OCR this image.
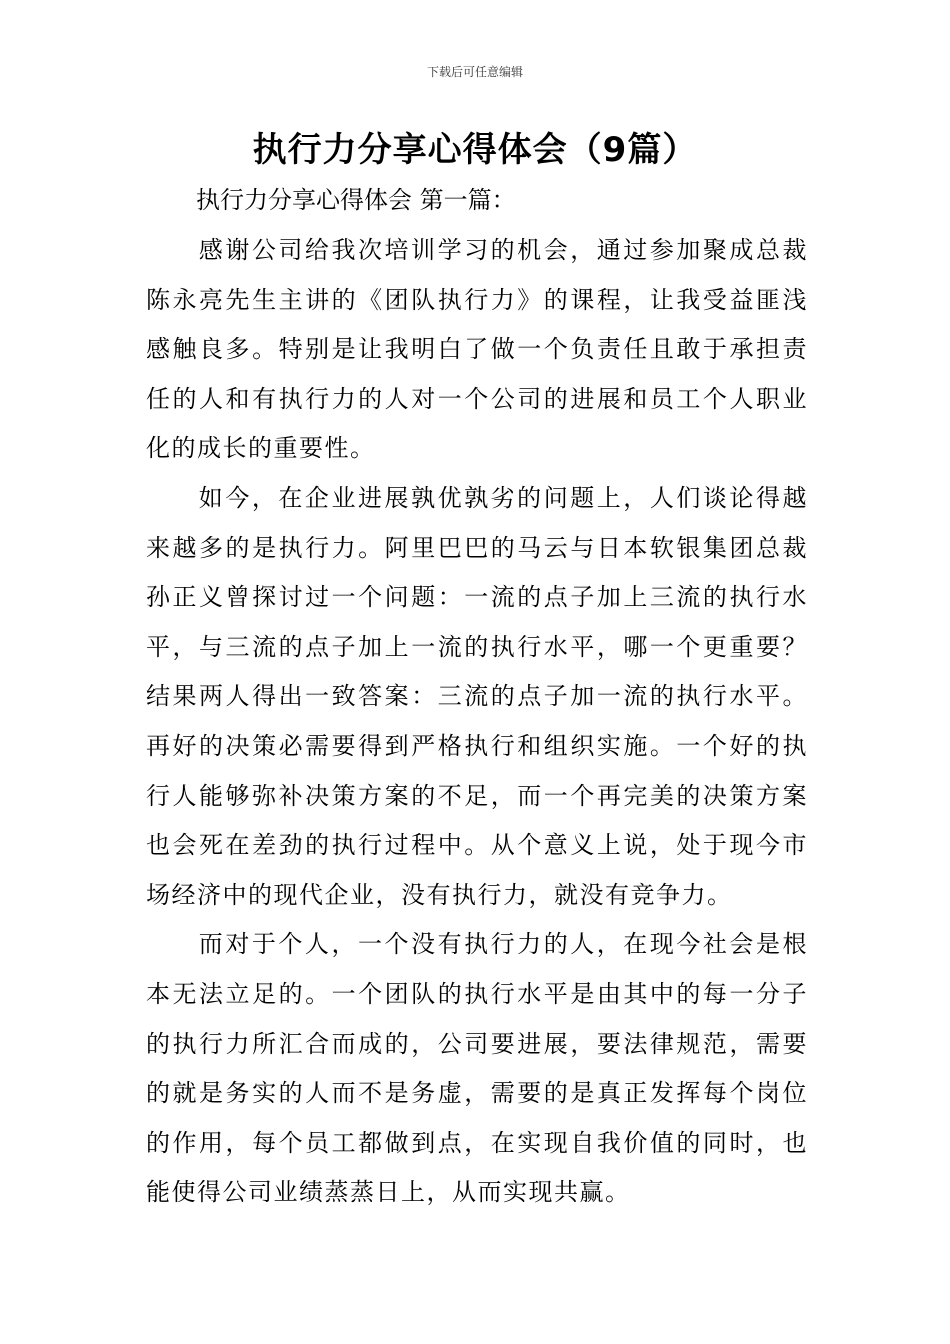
下载后可任意编辑
执行力分享心得体会（9篇）

执行力分享心得体会 第一篇：

感谢公司给我次培训学习的机会，通过参加聚成总裁陈永亮先生主讲的《团队执行力》的课程，让我受益匪浅感触良多。特别是让我明白了做一个负责任且敢于承担责任的人和有执行力的人对一个公司的进展和员工个人职业化的成长的重要性。

如今，在企业进展孰优孰劣的问题上，人们谈论得越来越多的是执行力。阿里巴巴的马云与日本软银集团总裁孙正义曾探讨过一个问题：一流的点子加上三流的执行水平，与三流的点子加上一流的执行水平，哪一个更重要？结果两人得出一致答案：三流的点子加一流的执行水平。再好的决策必需要得到严格执行和组织实施。一个好的执行人能够弥补决策方案的不足，而一个再完美的决策方案也会死在差劲的执行过程中。从个意义上说，处于现今市场经济中的现代企业，没有执行力，就没有竞争力。

而对于个人，一个没有执行力的人，在现今社会是根本无法立足的。一个团队的执行水平是由其中的每一分子的执行力所汇合而成的，公司要进展，要法律规范，需要的就是务实的人而不是务虚，需要的是真正发挥每个岗位的作用，每个员工都做到点，在实现自我价值的同时，也能使得公司业绩蒸蒸日上，从而实现共赢。
